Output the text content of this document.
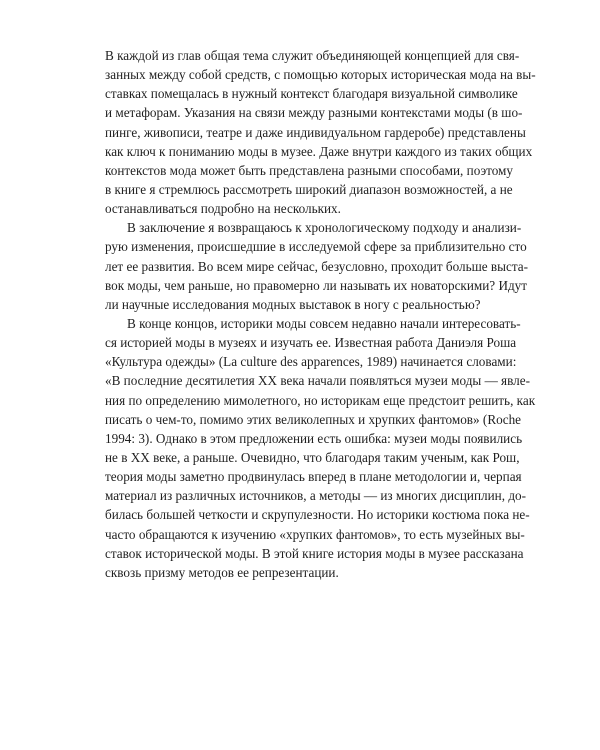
В каждой из глав общая тема служит объединяющей концепцией для свя-
занных между собой средств, с помощью которых историческая мода на вы-
ставках помещалась в нужный контекст благодаря визуальной символике
и метафорам. Указания на связи между разными контекстами моды (в шо-
пинге, живописи, театре и даже индивидуальном гардеробе) представлены
как ключ к пониманию моды в музее. Даже внутри каждого из таких общих
контекстов мода может быть представлена разными способами, поэтому
в книге я стремлюсь рассмотреть широкий диапазон возможностей, а не
останавливаться подробно на нескольких.
В заключение я возвращаюсь к хронологическому подходу и анализи-
рую изменения, происшедшие в исследуемой сфере за приблизительно сто
лет ее развития. Во всем мире сейчас, безусловно, проходит больше выста-
вок моды, чем раньше, но правомерно ли называть их новаторскими? Идут
ли научные исследования модных выставок в ногу с реальностью?
В конце концов, историки моды совсем недавно начали интересовать-
ся историей моды в музеях и изучать ее. Известная работа Даниэля Роша
«Культура одежды» (La culture des apparences, 1989) начинается словами:
«В последние десятилетия XX века начали появляться музеи моды — явле-
ния по определению мимолетного, но историкам еще предстоит решить, как
писать о чем-то, помимо этих великолепных и хрупких фантомов» (Roche
1994: 3). Однако в этом предложении есть ошибка: музеи моды появились
не в XX веке, а раньше. Очевидно, что благодаря таким ученым, как Рош,
теория моды заметно продвинулась вперед в плане методологии и, черпая
материал из различных источников, а методы — из многих дисциплин, до-
билась большей четкости и скрупулезности. Но историки костюма пока не-
часто обращаются к изучению «хрупких фантомов», то есть музейных вы-
ставок исторической моды. В этой книге история моды в музее рассказана
сквозь призму методов ее репрезентации.
